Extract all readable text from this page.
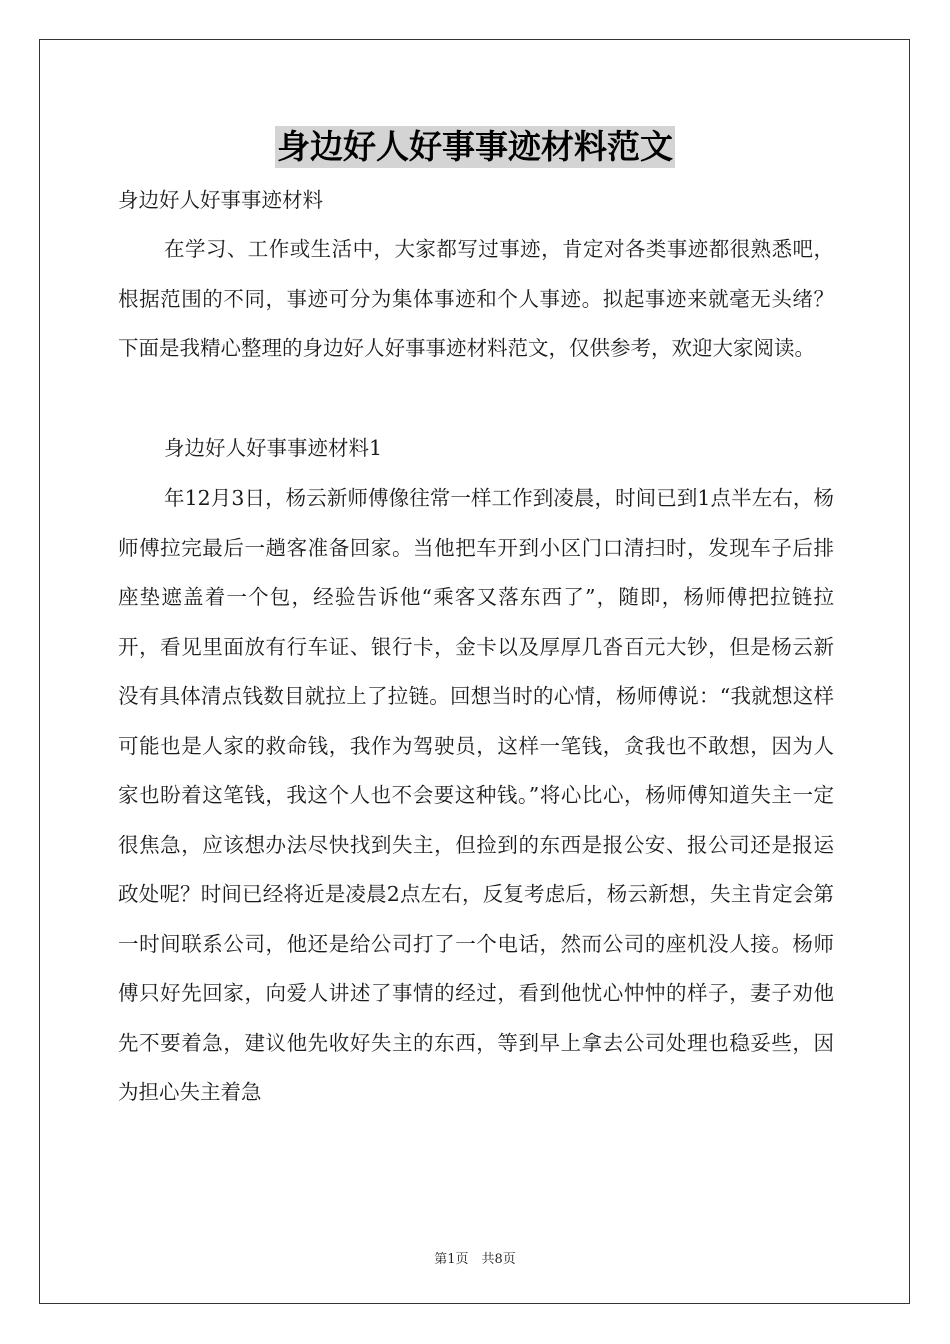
身边好人好事事迹材料范文

身边好人好事事迹材料

在学习、工作或生活中，大家都写过事迹，肯定对各类事迹都很熟悉吧，根据范围的不同，事迹可分为集体事迹和个人事迹。拟起事迹来就毫无头绪？下面是我精心整理的身边好人好事事迹材料范文，仅供参考，欢迎大家阅读。

身边好人好事事迹材料1

年12月3日，杨云新师傅像往常一样工作到凌晨，时间已到1点半左右，杨师傅拉完最后一趟客准备回家。当他把车开到小区门口清扫时，发现车子后排座垫遮盖着一个包，经验告诉他“乘客又落东西了”，随即，杨师傅把拉链拉开，看见里面放有行车证、银行卡，金卡以及厚厚几沓百元大钞，但是杨云新没有具体清点钱数目就拉上了拉链。回想当时的心情，杨师傅说：“我就想这样可能也是人家的救命钱，我作为驾驶员，这样一笔钱，贪我也不敢想，因为人家也盼着这笔钱，我这个人也不会要这种钱。”将心比心，杨师傅知道失主一定很焦急，应该想办法尽快找到失主，但捡到的东西是报公安、报公司还是报运政处呢？时间已经将近是凌晨2点左右，反复考虑后，杨云新想，失主肯定会第一时间联系公司，他还是给公司打了一个电话，然而公司的座机没人接。杨师傅只好先回家，向爱人讲述了事情的经过，看到他忧心忡忡的样子，妻子劝他先不要着急，建议他先收好失主的东西，等到早上拿去公司处理也稳妥些，因为担心失主着急

第1页　共8页
